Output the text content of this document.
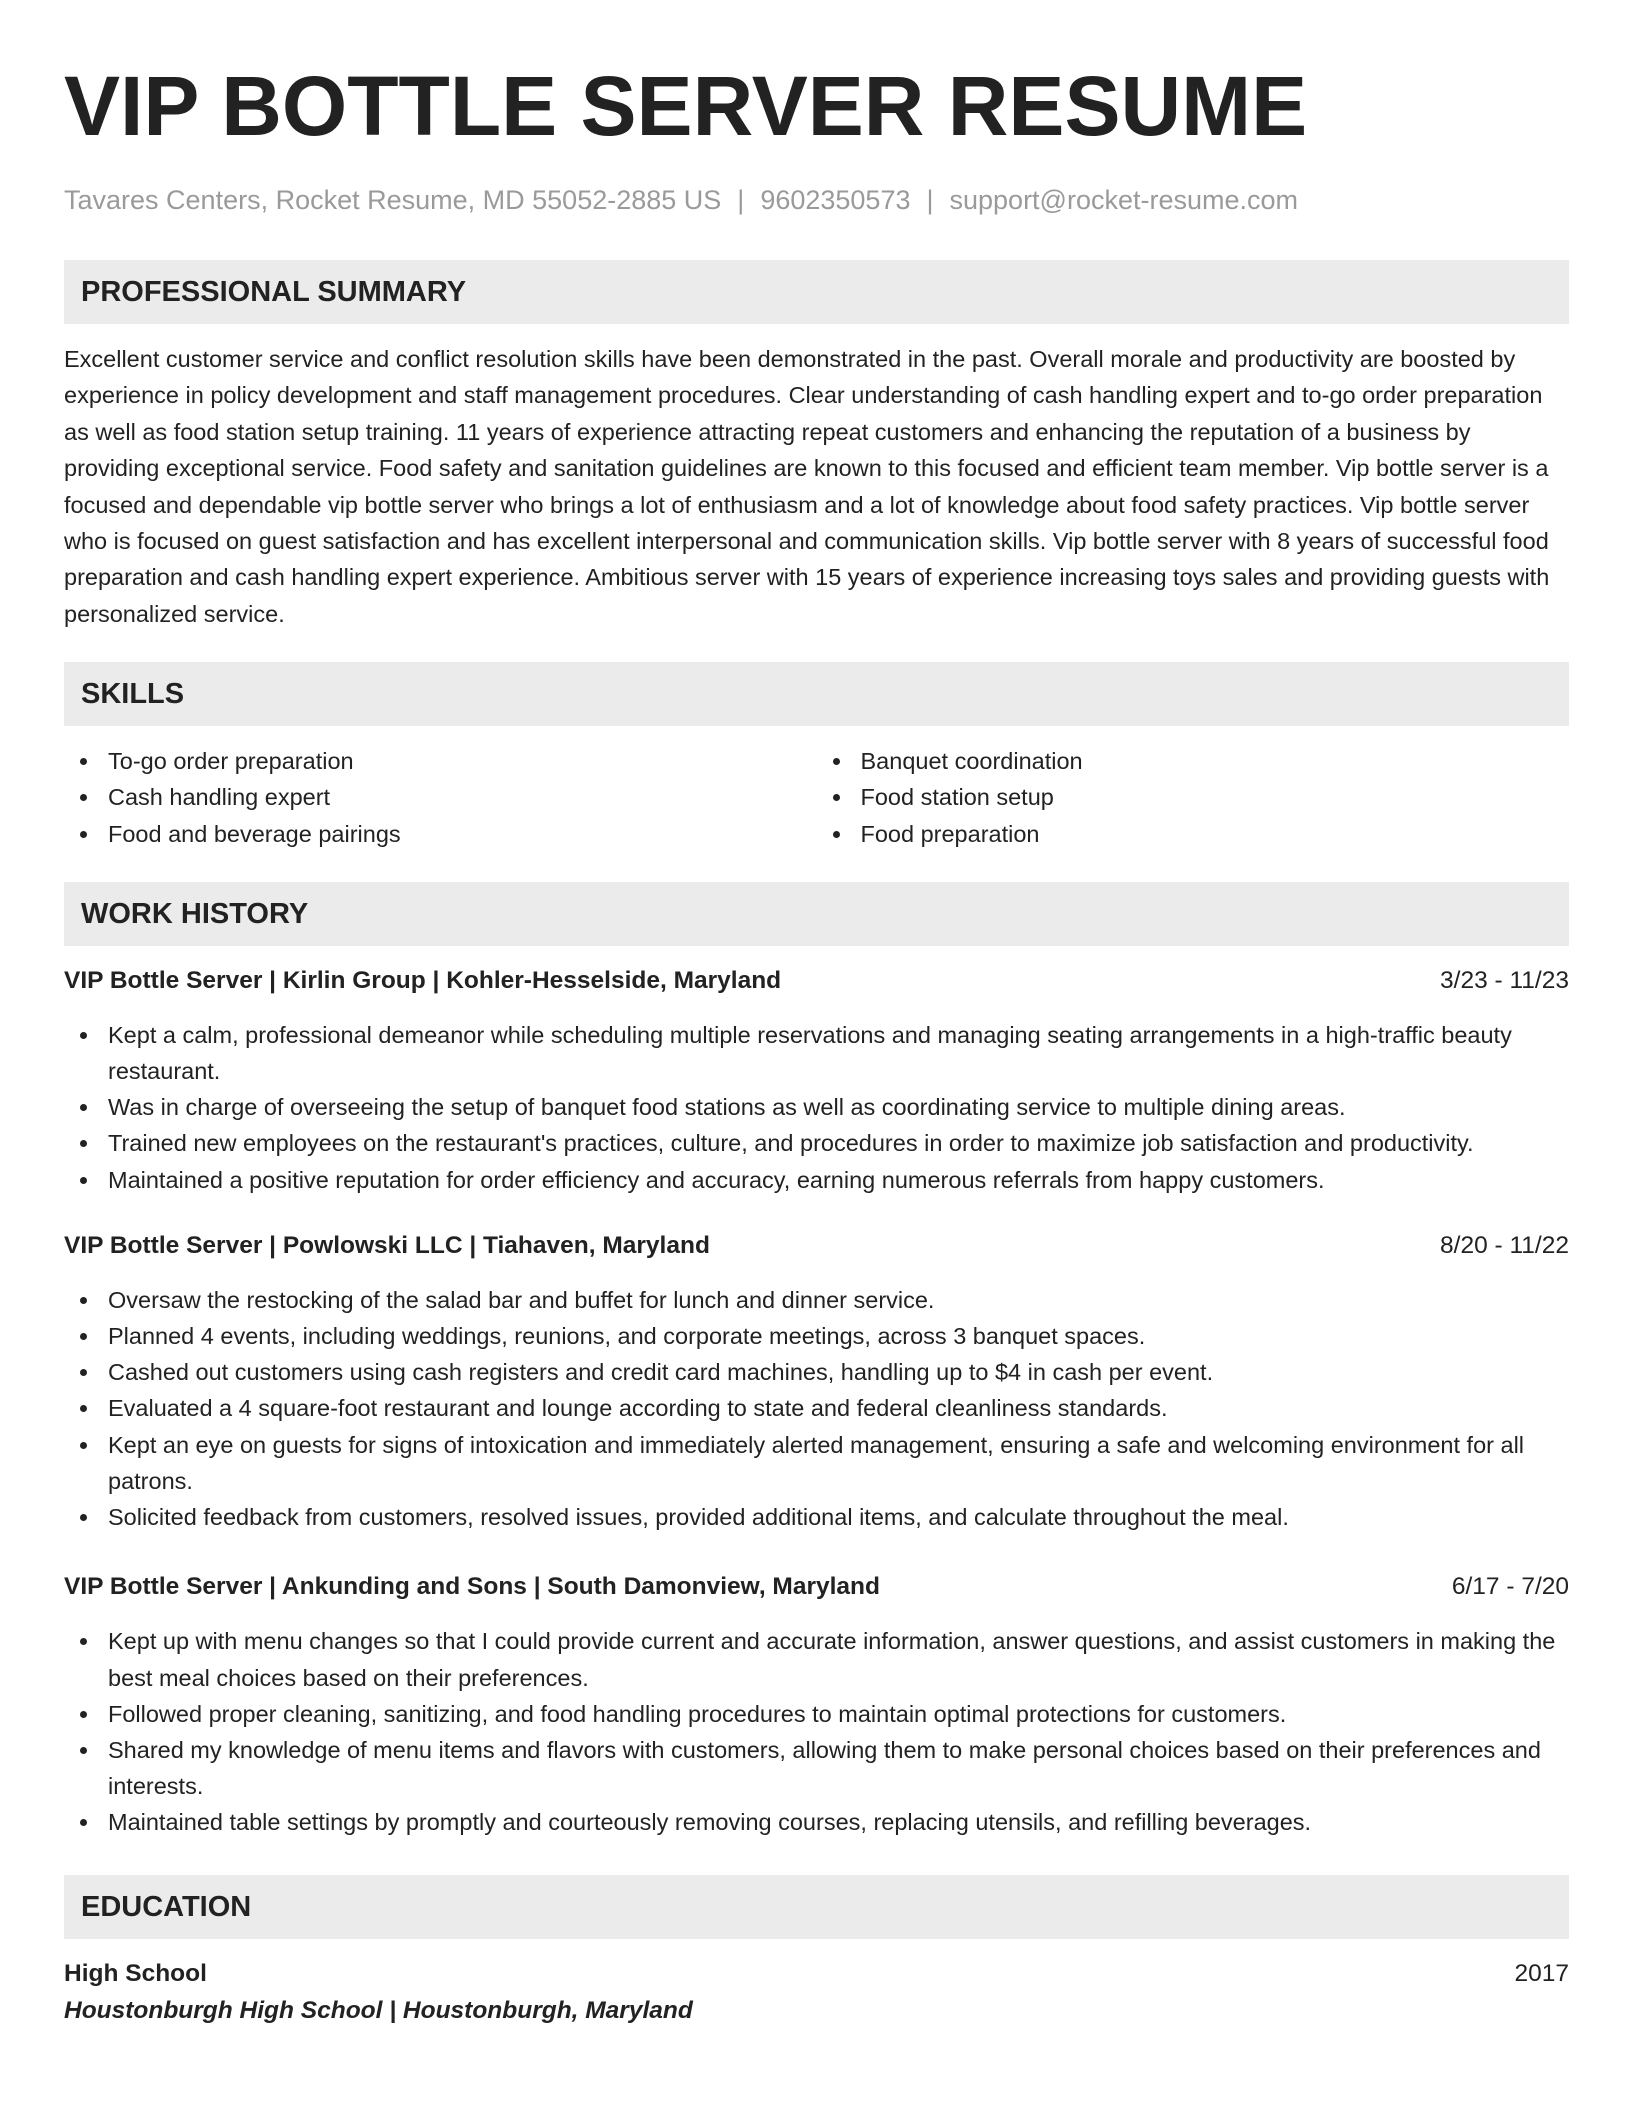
VIP BOTTLE SERVER RESUME
Tavares Centers, Rocket Resume, MD 55052-2885 US | 9602350573 | support@rocket-resume.com
PROFESSIONAL SUMMARY
Excellent customer service and conflict resolution skills have been demonstrated in the past. Overall morale and productivity are boosted by experience in policy development and staff management procedures. Clear understanding of cash handling expert and to-go order preparation as well as food station setup training. 11 years of experience attracting repeat customers and enhancing the reputation of a business by providing exceptional service. Food safety and sanitation guidelines are known to this focused and efficient team member. Vip bottle server is a focused and dependable vip bottle server who brings a lot of enthusiasm and a lot of knowledge about food safety practices. Vip bottle server who is focused on guest satisfaction and has excellent interpersonal and communication skills. Vip bottle server with 8 years of successful food preparation and cash handling expert experience. Ambitious server with 15 years of experience increasing toys sales and providing guests with personalized service.
SKILLS
To-go order preparation
Cash handling expert
Food and beverage pairings
Banquet coordination
Food station setup
Food preparation
WORK HISTORY
VIP Bottle Server | Kirlin Group | Kohler-Hesselside, Maryland	3/23 - 11/23
Kept a calm, professional demeanor while scheduling multiple reservations and managing seating arrangements in a high-traffic beauty restaurant.
Was in charge of overseeing the setup of banquet food stations as well as coordinating service to multiple dining areas.
Trained new employees on the restaurant's practices, culture, and procedures in order to maximize job satisfaction and productivity.
Maintained a positive reputation for order efficiency and accuracy, earning numerous referrals from happy customers.
VIP Bottle Server | Powlowski LLC | Tiahaven, Maryland	8/20 - 11/22
Oversaw the restocking of the salad bar and buffet for lunch and dinner service.
Planned 4 events, including weddings, reunions, and corporate meetings, across 3 banquet spaces.
Cashed out customers using cash registers and credit card machines, handling up to $4 in cash per event.
Evaluated a 4 square-foot restaurant and lounge according to state and federal cleanliness standards.
Kept an eye on guests for signs of intoxication and immediately alerted management, ensuring a safe and welcoming environment for all patrons.
Solicited feedback from customers, resolved issues, provided additional items, and calculate throughout the meal.
VIP Bottle Server | Ankunding and Sons | South Damonview, Maryland	6/17 - 7/20
Kept up with menu changes so that I could provide current and accurate information, answer questions, and assist customers in making the best meal choices based on their preferences.
Followed proper cleaning, sanitizing, and food handling procedures to maintain optimal protections for customers.
Shared my knowledge of menu items and flavors with customers, allowing them to make personal choices based on their preferences and interests.
Maintained table settings by promptly and courteously removing courses, replacing utensils, and refilling beverages.
EDUCATION
High School	2017
Houstonburgh High School | Houstonburgh, Maryland
